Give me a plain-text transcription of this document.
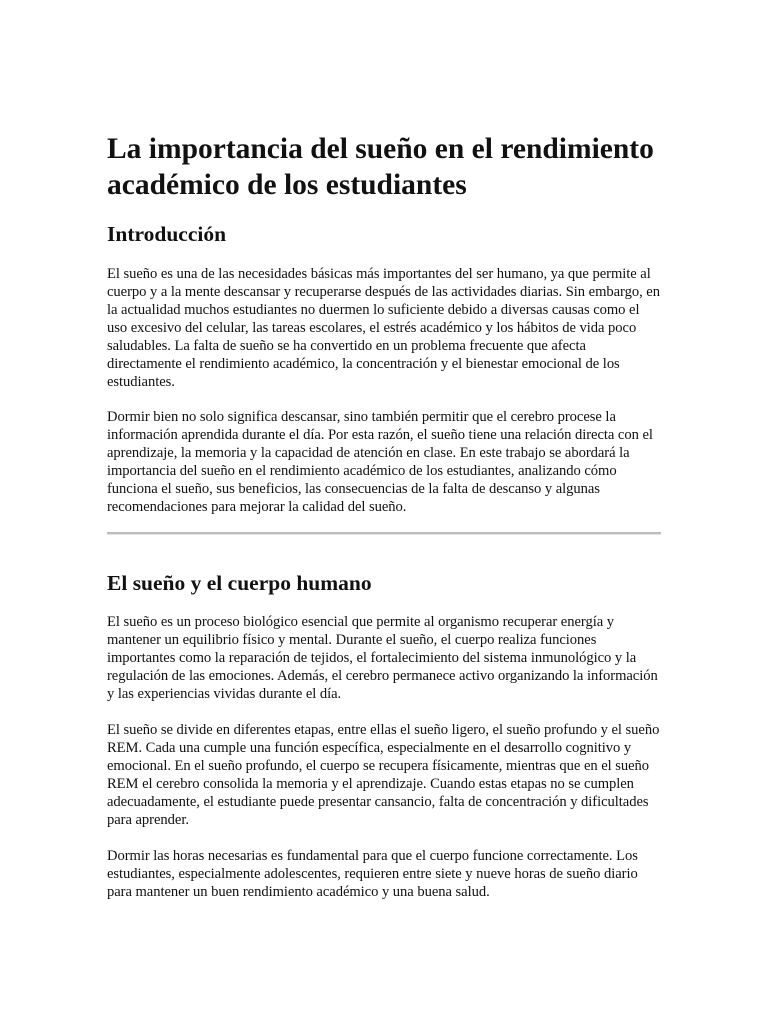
La importancia del sueño en el rendimiento académico de los estudiantes
Introducción

El sueño es una de las necesidades básicas más importantes del ser humano, ya que permite al cuerpo y a la mente descansar y recuperarse después de las actividades diarias. Sin embargo, en la actualidad muchos estudiantes no duermen lo suficiente debido a diversas causas como el uso excesivo del celular, las tareas escolares, el estrés académico y los hábitos de vida poco saludables. La falta de sueño se ha convertido en un problema frecuente que afecta directamente el rendimiento académico, la concentración y el bienestar emocional de los estudiantes.

Dormir bien no solo significa descansar, sino también permitir que el cerebro procese la información aprendida durante el día. Por esta razón, el sueño tiene una relación directa con el aprendizaje, la memoria y la capacidad de atención en clase. En este trabajo se abordará la importancia del sueño en el rendimiento académico de los estudiantes, analizando cómo funciona el sueño, sus beneficios, las consecuencias de la falta de descanso y algunas recomendaciones para mejorar la calidad del sueño.

El sueño y el cuerpo humano

El sueño es un proceso biológico esencial que permite al organismo recuperar energía y mantener un equilibrio físico y mental. Durante el sueño, el cuerpo realiza funciones importantes como la reparación de tejidos, el fortalecimiento del sistema inmunológico y la regulación de las emociones. Además, el cerebro permanece activo organizando la información y las experiencias vividas durante el día.

El sueño se divide en diferentes etapas, entre ellas el sueño ligero, el sueño profundo y el sueño REM. Cada una cumple una función específica, especialmente en el desarrollo cognitivo y emocional. En el sueño profundo, el cuerpo se recupera físicamente, mientras que en el sueño REM el cerebro consolida la memoria y el aprendizaje. Cuando estas etapas no se cumplen adecuadamente, el estudiante puede presentar cansancio, falta de concentración y dificultades para aprender.

Dormir las horas necesarias es fundamental para que el cuerpo funcione correctamente. Los estudiantes, especialmente adolescentes, requieren entre siete y nueve horas de sueño diario para mantener un buen rendimiento académico y una buena salud.
